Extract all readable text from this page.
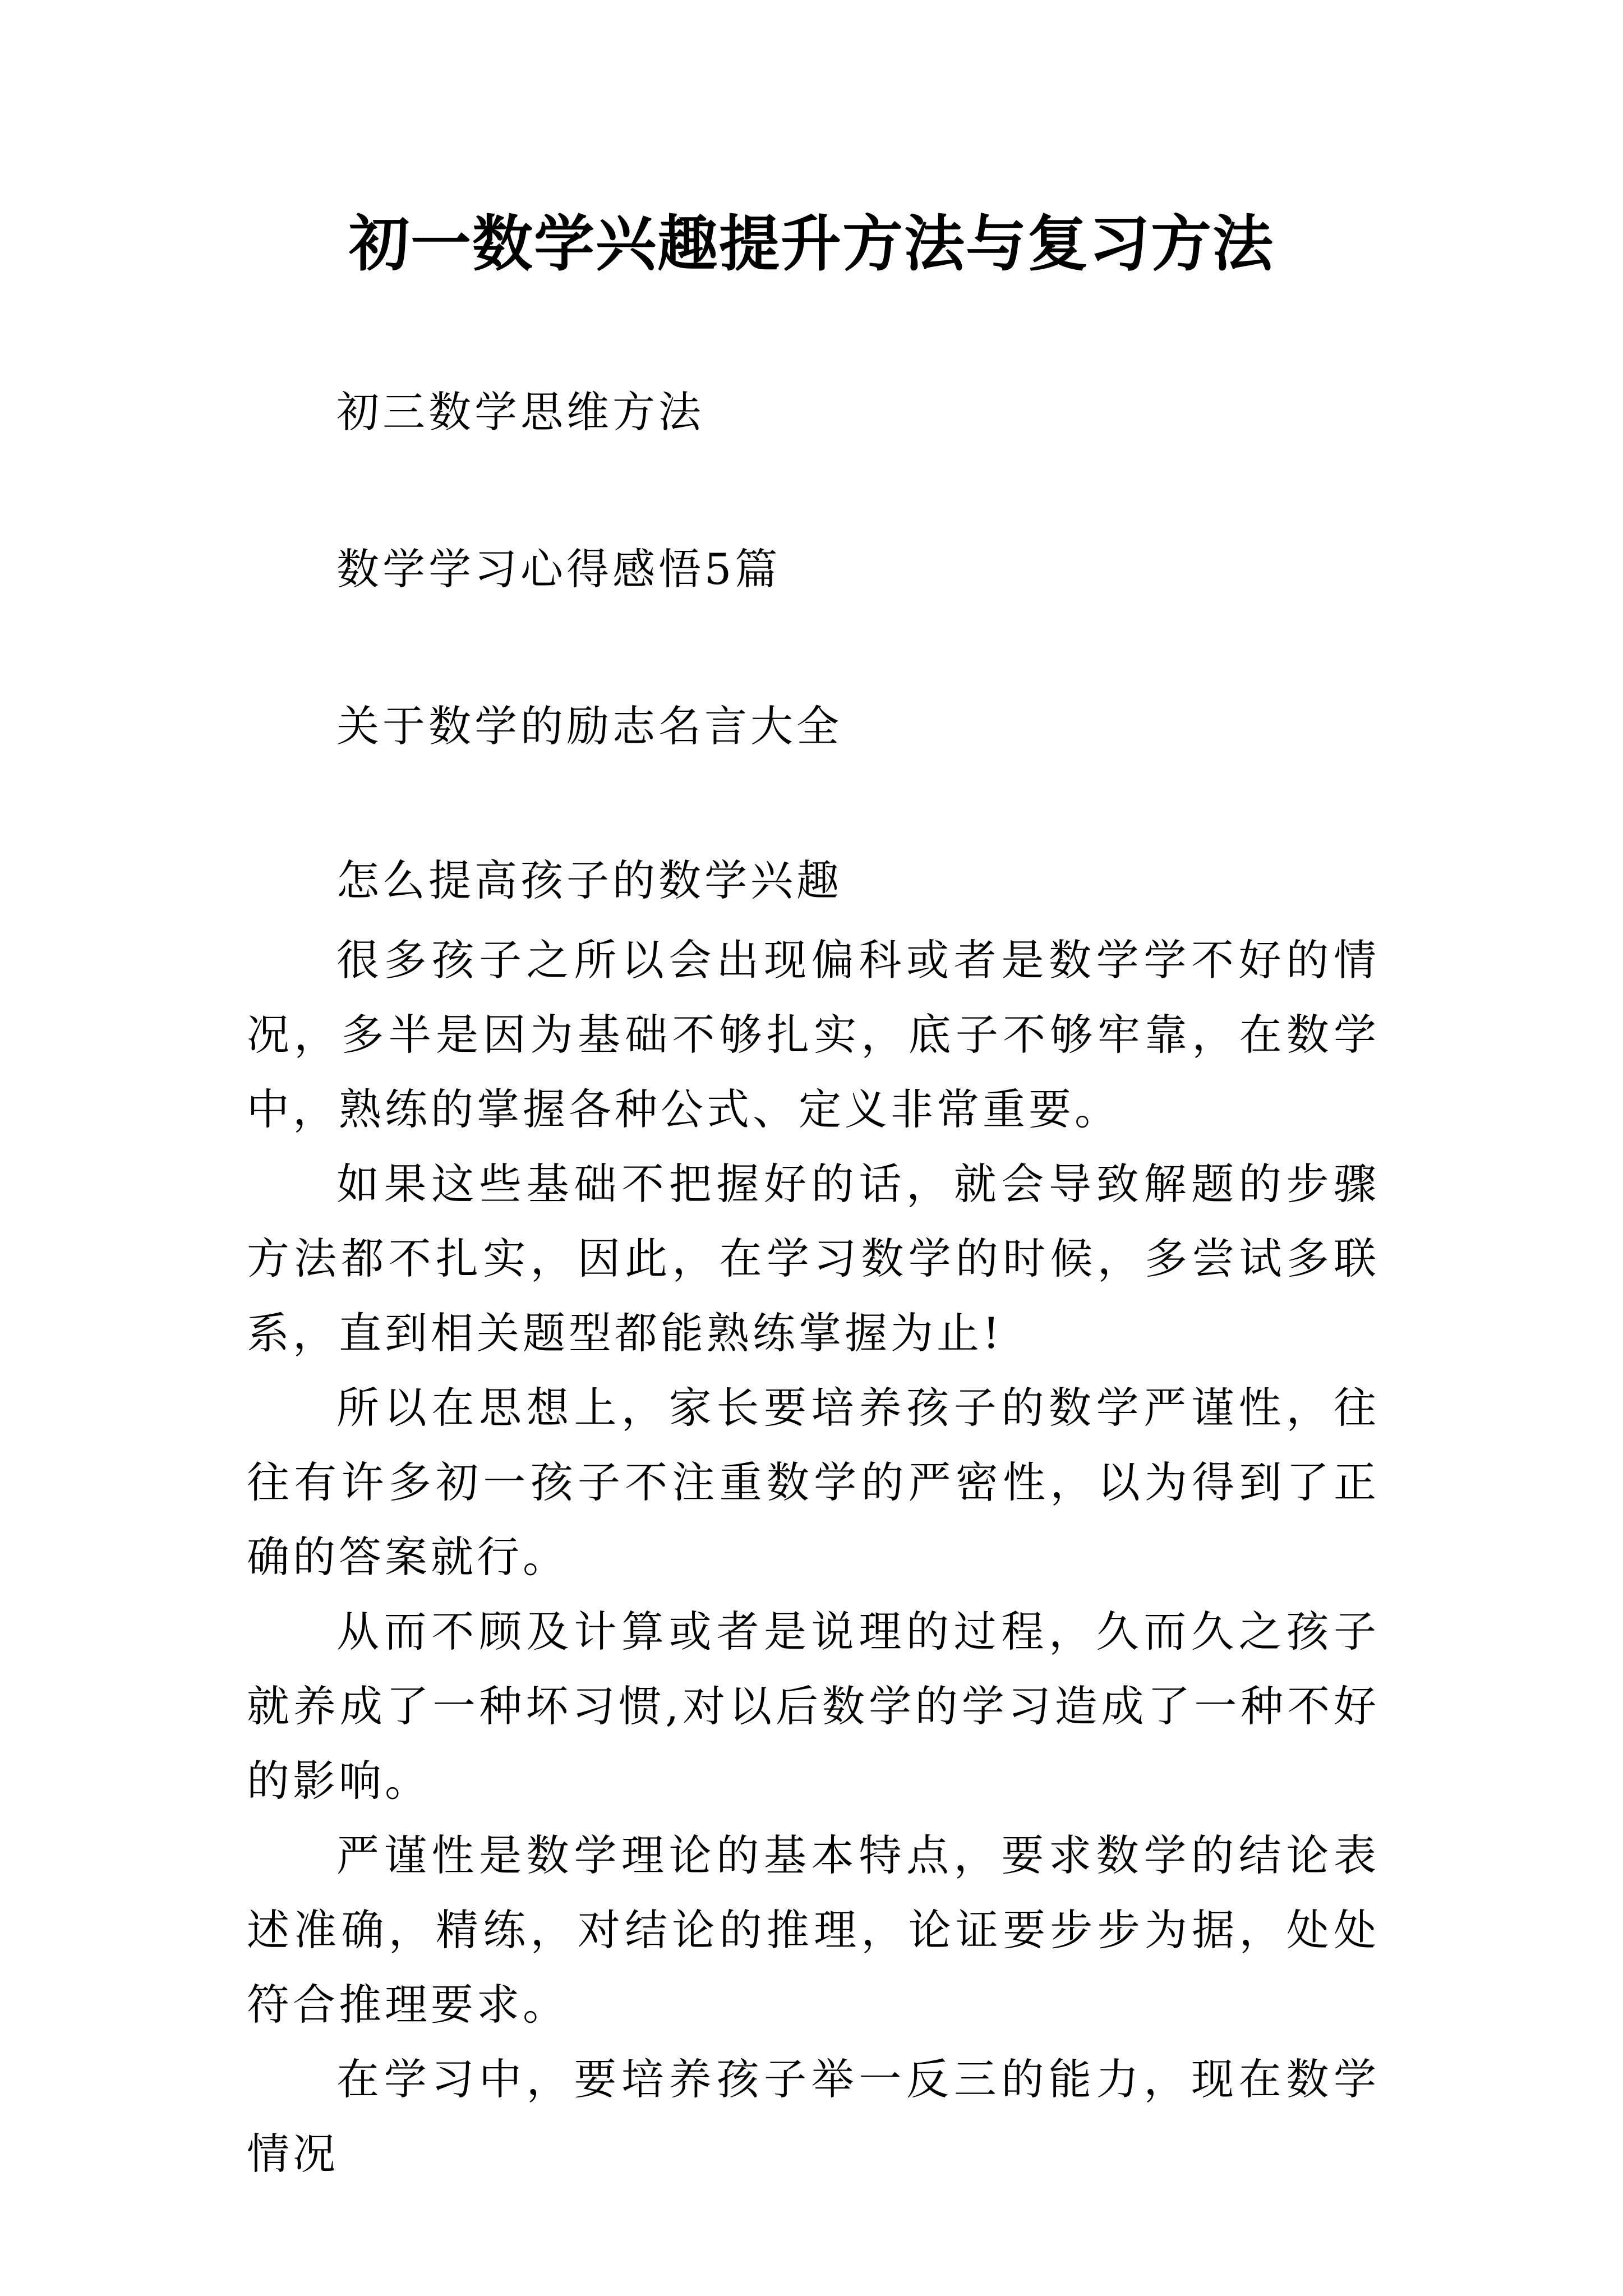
初一数学兴趣提升方法与复习方法

初三数学思维方法

数学学习心得感悟5篇

关于数学的励志名言大全

怎么提高孩子的数学兴趣

很多孩子之所以会出现偏科或者是数学学不好的情况，多半是因为基础不够扎实，底子不够牢靠，在数学中，熟练的掌握各种公式、定义非常重要。

如果这些基础不把握好的话，就会导致解题的步骤方法都不扎实，因此，在学习数学的时候，多尝试多联系，直到相关题型都能熟练掌握为止!

所以在思想上，家长要培养孩子的数学严谨性，往往有许多初一孩子不注重数学的严密性，以为得到了正确的答案就行。

从而不顾及计算或者是说理的过程，久而久之孩子就养成了一种坏习惯,对以后数学的学习造成了一种不好的影响。

严谨性是数学理论的基本特点，要求数学的结论表述准确，精练，对结论的推理，论证要步步为据，处处符合推理要求。

在学习中，要培养孩子举一反三的能力，现在数学情况
